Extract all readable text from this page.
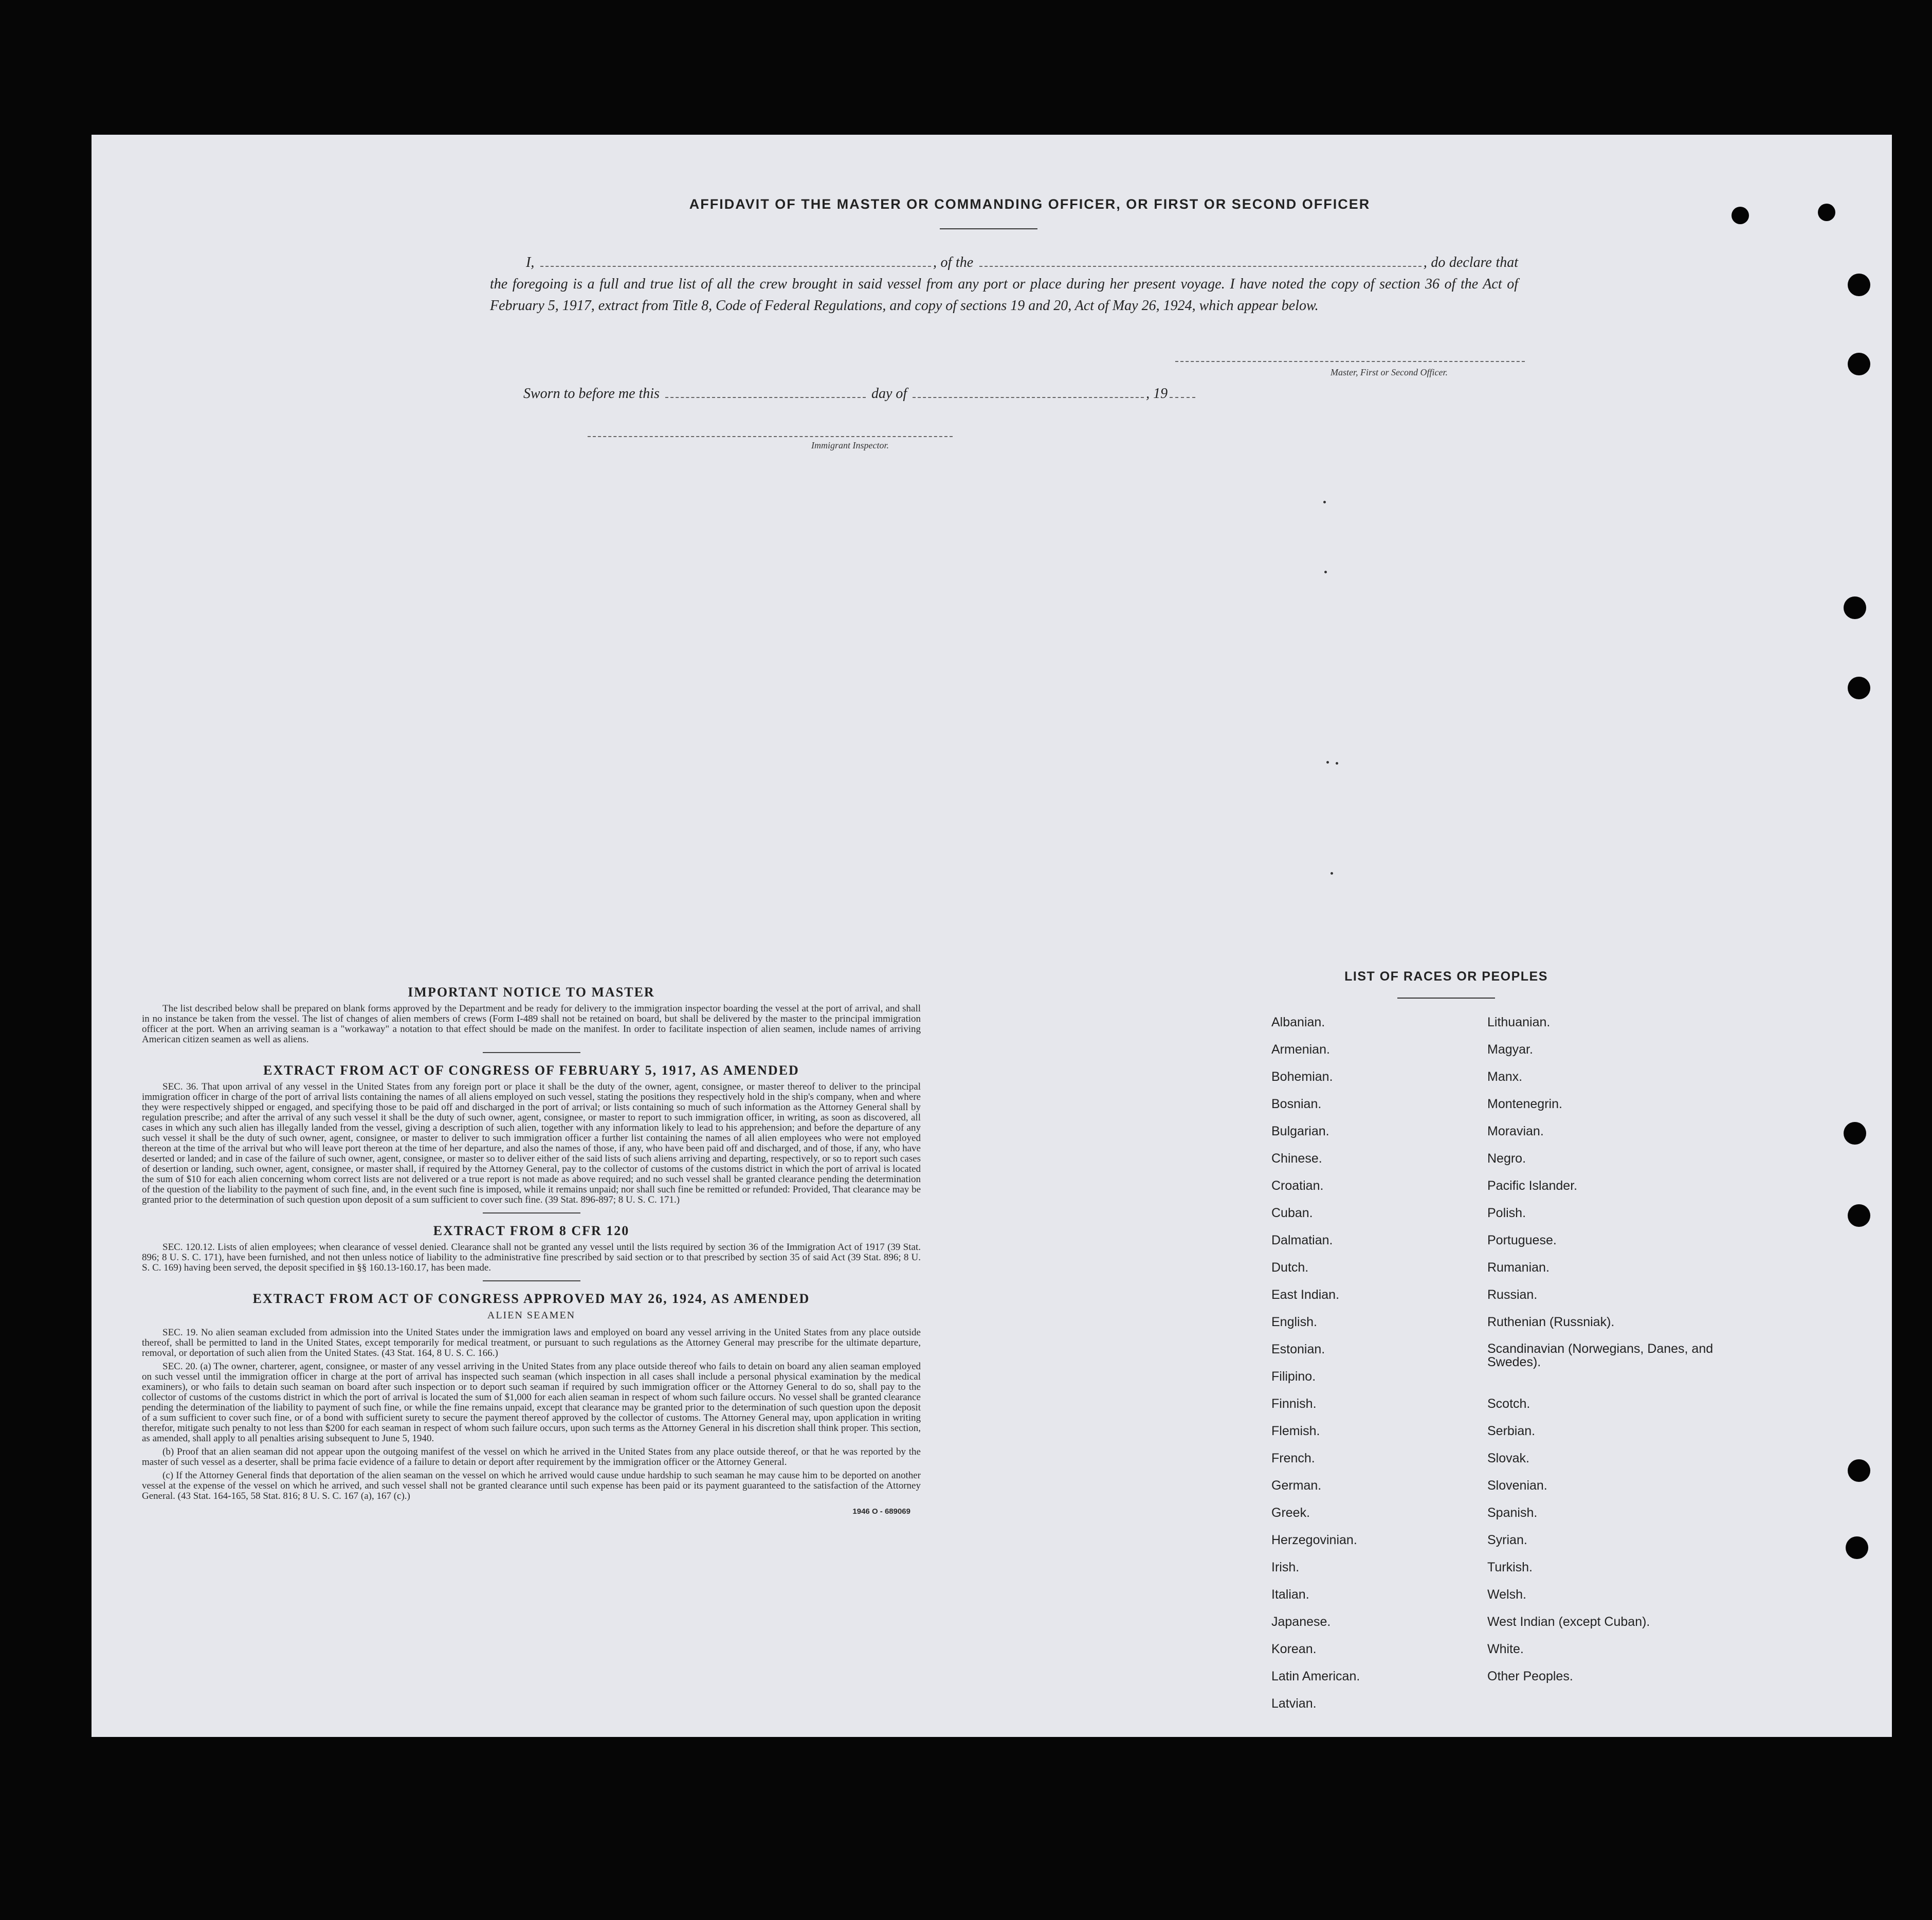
AFFIDAVIT OF THE MASTER OR COMMANDING OFFICER, OR FIRST OR SECOND OFFICER
I,	, of the	, do declare that the foregoing is a full and true list of all the crew brought in said vessel from any port or place during her present voyage. I have noted the copy of section 36 of the Act of February 5, 1917, extract from Title 8, Code of Federal Regulations, and copy of sections 19 and 20, Act of May 26, 1924, which appear below.
Master, First or Second Officer.
Sworn to before me this	day of	, 19
Immigrant Inspector.
IMPORTANT NOTICE TO MASTER

The list described below shall be prepared on blank forms approved by the Department and be ready for delivery to the immigration inspector boarding the vessel at the port of arrival, and shall in no instance be taken from the vessel. The list of changes of alien members of crews (Form I-489 shall not be retained on board, but shall be delivered by the master to the principal immigration officer at the port. When an arriving seaman is a "workaway" a notation to that effect should be made on the manifest. In order to facilitate inspection of alien seamen, include names of arriving American citizen seamen as well as aliens.

EXTRACT FROM ACT OF CONGRESS OF FEBRUARY 5, 1917, AS AMENDED

SEC. 36. That upon arrival of any vessel in the United States from any foreign port or place it shall be the duty of the owner, agent, consignee, or master thereof to deliver to the principal immigration officer in charge of the port of arrival lists containing the names of all aliens employed on such vessel, stating the positions they respectively hold in the ship's company, when and where they were respectively shipped or engaged, and specifying those to be paid off and discharged in the port of arrival; or lists containing so much of such information as the Attorney General shall by regulation prescribe; and after the arrival of any such vessel it shall be the duty of such owner, agent, consignee, or master to report to such immigration officer, in writing, as soon as discovered, all cases in which any such alien has illegally landed from the vessel, giving a description of such alien, together with any information likely to lead to his apprehension; and before the departure of any such vessel it shall be the duty of such owner, agent, consignee, or master to deliver to such immigration officer a further list containing the names of all alien employees who were not employed thereon at the time of the arrival but who will leave port thereon at the time of her departure, and also the names of those, if any, who have been paid off and discharged, and of those, if any, who have deserted or landed; and in case of the failure of such owner, agent, consignee, or master so to deliver either of the said lists of such aliens arriving and departing, respectively, or so to report such cases of desertion or landing, such owner, agent, consignee, or master shall, if required by the Attorney General, pay to the collector of customs of the customs district in which the port of arrival is located the sum of $10 for each alien concerning whom correct lists are not delivered or a true report is not made as above required; and no such vessel shall be granted clearance pending the determination of the question of the liability to the payment of such fine, and, in the event such fine is imposed, while it remains unpaid; nor shall such fine be remitted or refunded: Provided, That clearance may be granted prior to the determination of such question upon deposit of a sum sufficient to cover such fine. (39 Stat. 896-897; 8 U. S. C. 171.)

EXTRACT FROM 8 CFR 120

SEC. 120.12. Lists of alien employees; when clearance of vessel denied. Clearance shall not be granted any vessel until the lists required by section 36 of the Immigration Act of 1917 (39 Stat. 896; 8 U. S. C. 171), have been furnished, and not then unless notice of liability to the administrative fine prescribed by said section or to that prescribed by section 35 of said Act (39 Stat. 896; 8 U. S. C. 169) having been served, the deposit specified in §§ 160.13-160.17, has been made.

EXTRACT FROM ACT OF CONGRESS APPROVED MAY 26, 1924, AS AMENDED
ALIEN SEAMEN

SEC. 19. No alien seaman excluded from admission into the United States under the immigration laws and employed on board any vessel arriving in the United States from any place outside thereof, shall be permitted to land in the United States, except temporarily for medical treatment, or pursuant to such regulations as the Attorney General may prescribe for the ultimate departure, removal, or deportation of such alien from the United States. (43 Stat. 164, 8 U. S. C. 166.)

SEC. 20. (a) The owner, charterer, agent, consignee, or master of any vessel arriving in the United States from any place outside thereof who fails to detain on board any alien seaman employed on such vessel until the immigration officer in charge at the port of arrival has inspected such seaman (which inspection in all cases shall include a personal physical examination by the medical examiners), or who fails to detain such seaman on board after such inspection or to deport such seaman if required by such immigration officer or the Attorney General to do so, shall pay to the collector of customs of the customs district in which the port of arrival is located the sum of $1,000 for each alien seaman in respect of whom such failure occurs. No vessel shall be granted clearance pending the determination of the liability to payment of such fine, or while the fine remains unpaid, except that clearance may be granted prior to the determination of such question upon the deposit of a sum sufficient to cover such fine, or of a bond with sufficient surety to secure the payment thereof approved by the collector of customs. The Attorney General may, upon application in writing therefor, mitigate such penalty to not less than $200 for each seaman in respect of whom such failure occurs, upon such terms as the Attorney General in his discretion shall think proper. This section, as amended, shall apply to all penalties arising subsequent to June 5, 1940.

(b) Proof that an alien seaman did not appear upon the outgoing manifest of the vessel on which he arrived in the United States from any place outside thereof, or that he was reported by the master of such vessel as a deserter, shall be prima facie evidence of a failure to detain or deport after requirement by the immigration officer or the Attorney General.

(c) If the Attorney General finds that deportation of the alien seaman on the vessel on which he arrived would cause undue hardship to such seaman he may cause him to be deported on another vessel at the expense of the vessel on which he arrived, and such vessel shall not be granted clearance until such expense has been paid or its payment guaranteed to the satisfaction of the Attorney General. (43 Stat. 164-165, 58 Stat. 816; 8 U. S. C. 167 (a), 167 (c).)

1946 O - 689069
LIST OF RACES OR PEOPLES
Albanian.
Armenian.
Bohemian.
Bosnian.
Bulgarian.
Chinese.
Croatian.
Cuban.
Dalmatian.
Dutch.
East Indian.
English.
Estonian.
Filipino.
Finnish.
Flemish.
French.
German.
Greek.
Herzegovinian.
Irish.
Italian.
Japanese.
Korean.
Latin American.
Latvian.
Lithuanian.
Magyar.
Manx.
Montenegrin.
Moravian.
Negro.
Pacific Islander.
Polish.
Portuguese.
Rumanian.
Russian.
Ruthenian (Russniak).
Scandinavian (Norwegians, Danes, and Swedes).
Scotch.
Serbian.
Slovak.
Slovenian.
Spanish.
Syrian.
Turkish.
Welsh.
West Indian (except Cuban).
White.
Other Peoples.
